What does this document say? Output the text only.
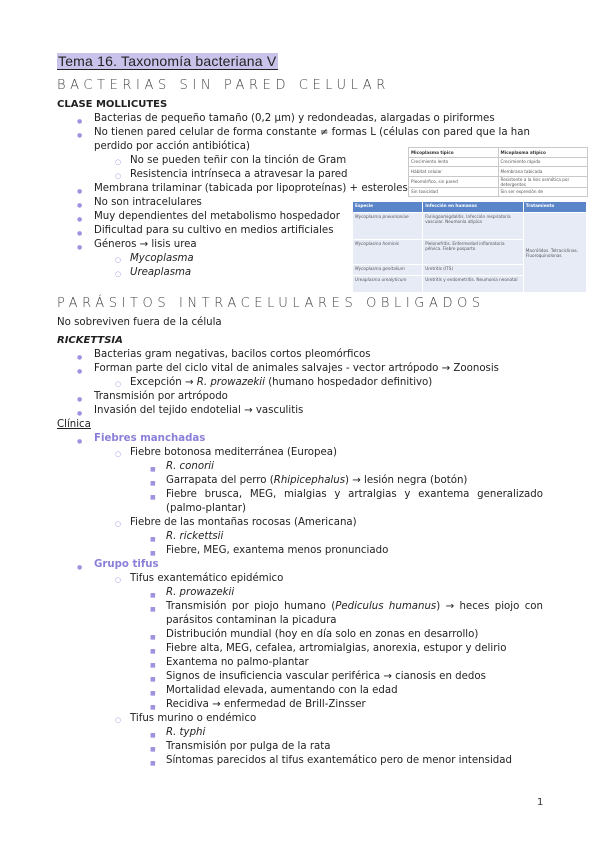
Tema 16. Taxonomía bacteriana V
BACTERIAS SIN PARED CELULAR
CLASE MOLLICUTES
● Bacterias de pequeño tamaño (0,2 μm) y redondeadas, alargadas o piriformes
● No tienen pared celular de forma constante ≠ formas L (células con pared que la han
perdido por acción antibiótica)
○ No se pueden teñir con la tinción de Gram
○ Resistencia intrínseca a atravesar la pared
● Membrana trilaminar (tabicada por lipoproteínas) + esteroles
● No son intracelulares
● Muy dependientes del metabolismo hospedador
● Dificultad para su cultivo en medios artificiales
● Géneros → lisis urea
○ Mycoplasma
○ Ureaplasma
Micoplasma típico	Micoplasma atípico
Crecimiento lento	Crecimiento rápido
Hábitat celular	Membrana tabicada
Pleomórfico, sin pared	Resistente a la lisis osmótica por detergentes
Sin toxicidad	Sin ser expresión de
Especie	Infección en humanos	Tratamiento
Mycoplasma pneumoniae	Faringoamigdalitis. Infección respiratoria vascular. Neumonía atípica	Macrólidos. Tetraciclinas. Fluoroquinolonas
Mycoplasma hominis	Pielonefritis. Enfermedad inflamatoria pélvica. Fiebre posparto	
Mycoplasma genitalium	Uretritis (ITS)	
Ureaplasma urealyticum	Uretritis y endometritis. Neumonía neonatal	
PARÁSITOS INTRACELULARES OBLIGADOS
No sobreviven fuera de la célula
RICKETTSIA
● Bacterias gram negativas, bacilos cortos pleomórficos
● Forman parte del ciclo vital de animales salvajes - vector artrópodo → Zoonosis
○ Excepción → R. prowazekii (humano hospedador definitivo)
● Transmisión por artrópodo
● Invasión del tejido endotelial → vasculitis
Clínica
● Fiebres manchadas
○ Fiebre botonosa mediterránea (Europea)
■ R. conorii
■ Garrapata del perro (Rhipicephalus) → lesión negra (botón)
■ Fiebre brusca, MEG, mialgias y artralgias y exantema generalizado
(palmo-plantar)
○ Fiebre de las montañas rocosas (Americana)
■ R. rickettsii
■ Fiebre, MEG, exantema menos pronunciado
● Grupo tifus
○ Tifus exantemático epidémico
■ R. prowazekii
■ Transmisión por piojo humano (Pediculus humanus) → heces piojo con
parásitos contaminan la picadura
■ Distribución mundial (hoy en día solo en zonas en desarrollo)
■ Fiebre alta, MEG, cefalea, artromialgias, anorexia, estupor y delirio
■ Exantema no palmo-plantar
■ Signos de insuficiencia vascular periférica → cianosis en dedos
■ Mortalidad elevada, aumentando con la edad
■ Recidiva → enfermedad de Brill-Zinsser
○ Tifus murino o endémico
■ R. typhi
■ Transmisión por pulga de la rata
■ Síntomas parecidos al tifus exantemático pero de menor intensidad
1
